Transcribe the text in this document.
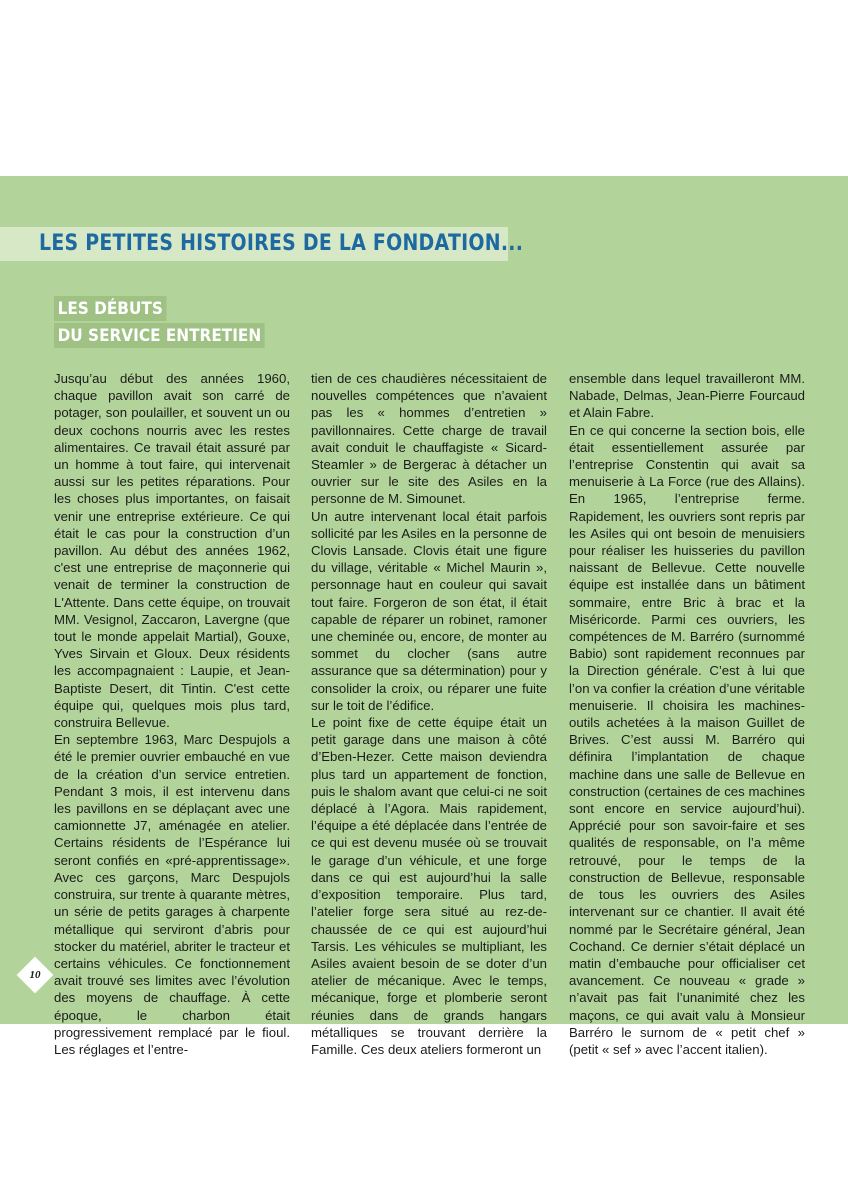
LES PETITES HISTOIRES DE LA FONDATION...
LES DÉBUTS
DU SERVICE ENTRETIEN

Jusqu’au début des années 1960, chaque pavillon avait son carré de potager, son poulailler, et souvent un ou deux cochons nourris avec les restes alimentaires. Ce travail était assuré par un homme à tout faire, qui intervenait aussi sur les petites réparations. Pour les choses plus importantes, on faisait venir une entreprise extérieure. Ce qui était le cas pour la construction d’un pavillon. Au début des années 1962, c'est une entreprise de maçonnerie qui venait de terminer la construction de L'Attente. Dans cette équipe, on trouvait MM. Vesignol, Zaccaron, Lavergne (que tout le monde appelait Martial), Gouxe, Yves Sirvain et Gloux. Deux résidents les accompagnaient : Laupie, et Jean-Baptiste Desert, dit Tintin. C'est cette équipe qui, quelques mois plus tard, construira Bellevue.

En septembre 1963, Marc Despujols a été le premier ouvrier embauché en vue de la création d’un service entretien. Pendant 3 mois, il est intervenu dans les pavillons en se déplaçant avec une camionnette J7, aménagée en atelier. Certains résidents de l’Espérance lui seront confiés en «pré-apprentissage». Avec ces garçons, Marc Despujols construira, sur trente à quarante mètres, un série de petits garages à charpente métallique qui serviront d’abris pour stocker du matériel, abriter le tracteur et certains véhicules. Ce fonctionnement avait trouvé ses limites avec l’évolution des moyens de chauffage. À cette époque, le charbon était progressivement remplacé par le fioul. Les réglages et l’entre-

tien de ces chaudières nécessitaient de nouvelles compétences que n’avaient pas les « hommes d’entretien » pavillonnaires. Cette charge de travail avait conduit le chauffagiste « Sicard-Steamler » de Bergerac à détacher un ouvrier sur le site des Asiles en la personne de M. Simounet.

Un autre intervenant local était parfois sollicité par les Asiles en la personne de Clovis Lansade. Clovis était une figure du village, véritable « Michel Maurin », personnage haut en couleur qui savait tout faire. Forgeron de son état, il était capable de réparer un robinet, ramoner une cheminée ou, encore, de monter au sommet du clocher (sans autre assurance que sa détermination) pour y consolider la croix, ou réparer une fuite sur le toit de l’édifice.

Le point fixe de cette équipe était un petit garage dans une maison à côté d’Eben-Hezer. Cette maison deviendra plus tard un appartement de fonction, puis le shalom avant que celui-ci ne soit déplacé à l’Agora. Mais rapidement, l’équipe a été déplacée dans l’entrée de ce qui est devenu musée où se trouvait le garage d’un véhicule, et une forge dans ce qui est aujourd’hui la salle d’exposition temporaire. Plus tard, l’atelier forge sera situé au rez-de-chaussée de ce qui est aujourd’hui Tarsis. Les véhicules se multipliant, les Asiles avaient besoin de se doter d’un atelier de mécanique. Avec le temps, mécanique, forge et plomberie seront réunies dans de grands hangars métalliques se trouvant derrière la Famille. Ces deux ateliers formeront un

ensemble dans lequel travailleront MM. Nabade, Delmas, Jean-Pierre Fourcaud et Alain Fabre.

En ce qui concerne la section bois, elle était essentiellement assurée par l’entreprise Constentin qui avait sa menuiserie à La Force (rue des Allains). En 1965, l’entreprise ferme. Rapidement, les ouvriers sont repris par les Asiles qui ont besoin de menuisiers pour réaliser les huisseries du pavillon naissant de Bellevue. Cette nouvelle équipe est installée dans un bâtiment sommaire, entre Bric à brac et la Miséricorde. Parmi ces ouvriers, les compétences de M. Barréro (surnommé Babio) sont rapidement reconnues par la Direction générale. C’est à lui que l’on va confier la création d’une véritable menuiserie. Il choisira les machines-outils achetées à la maison Guillet de Brives. C’est aussi M. Barréro qui définira l’implantation de chaque machine dans une salle de Bellevue en construction (certaines de ces machines sont encore en service aujourd’hui). Apprécié pour son savoir-faire et ses qualités de responsable, on l’a même retrouvé, pour le temps de la construction de Bellevue, responsable de tous les ouvriers des Asiles intervenant sur ce chantier. Il avait été nommé par le Secrétaire général, Jean Cochand. Ce dernier s’était déplacé un matin d’embauche pour officialiser cet avancement. Ce nouveau « grade » n’avait pas fait l’unanimité chez les maçons, ce qui avait valu à Monsieur Barréro le surnom de « petit chef » (petit « sef » avec l’accent italien).

10
